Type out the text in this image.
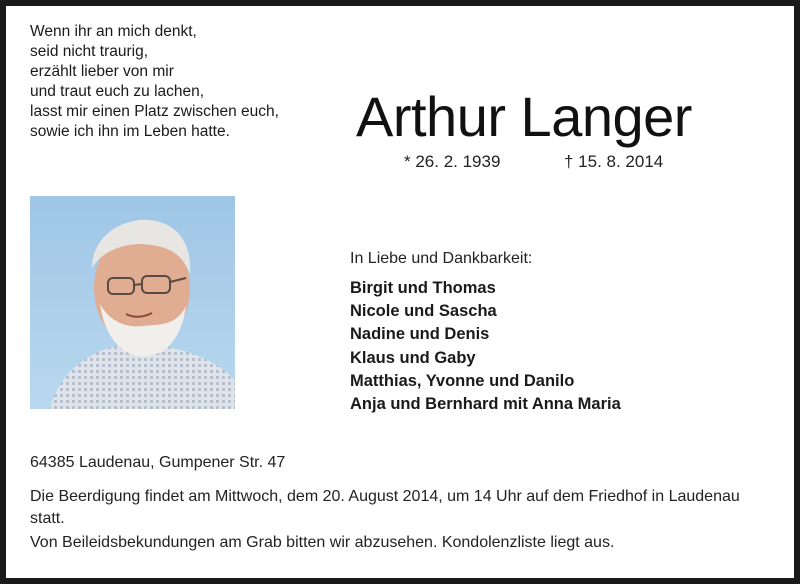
Wenn ihr an mich denkt,
seid nicht traurig,
erzählt lieber von mir
und traut euch zu lachen,
lasst mir einen Platz zwischen euch,
sowie ich ihn im Leben hatte.	Arthur Langer
* 26. 2. 1939	† 15. 8. 2014
In Liebe und Dankbarkeit:
Birgit und Thomas
Nicole und Sascha
Nadine und Denis
Klaus und Gaby
Matthias, Yvonne und Danilo
Anja und Bernhard mit Anna Maria
64385 Laudenau, Gumpener Str. 47
Die Beerdigung findet am Mittwoch, dem 20. August 2014, um 14 Uhr auf dem Friedhof in Laudenau statt.
Von Beileidsbekundungen am Grab bitten wir abzusehen. Kondolenzliste liegt aus.
